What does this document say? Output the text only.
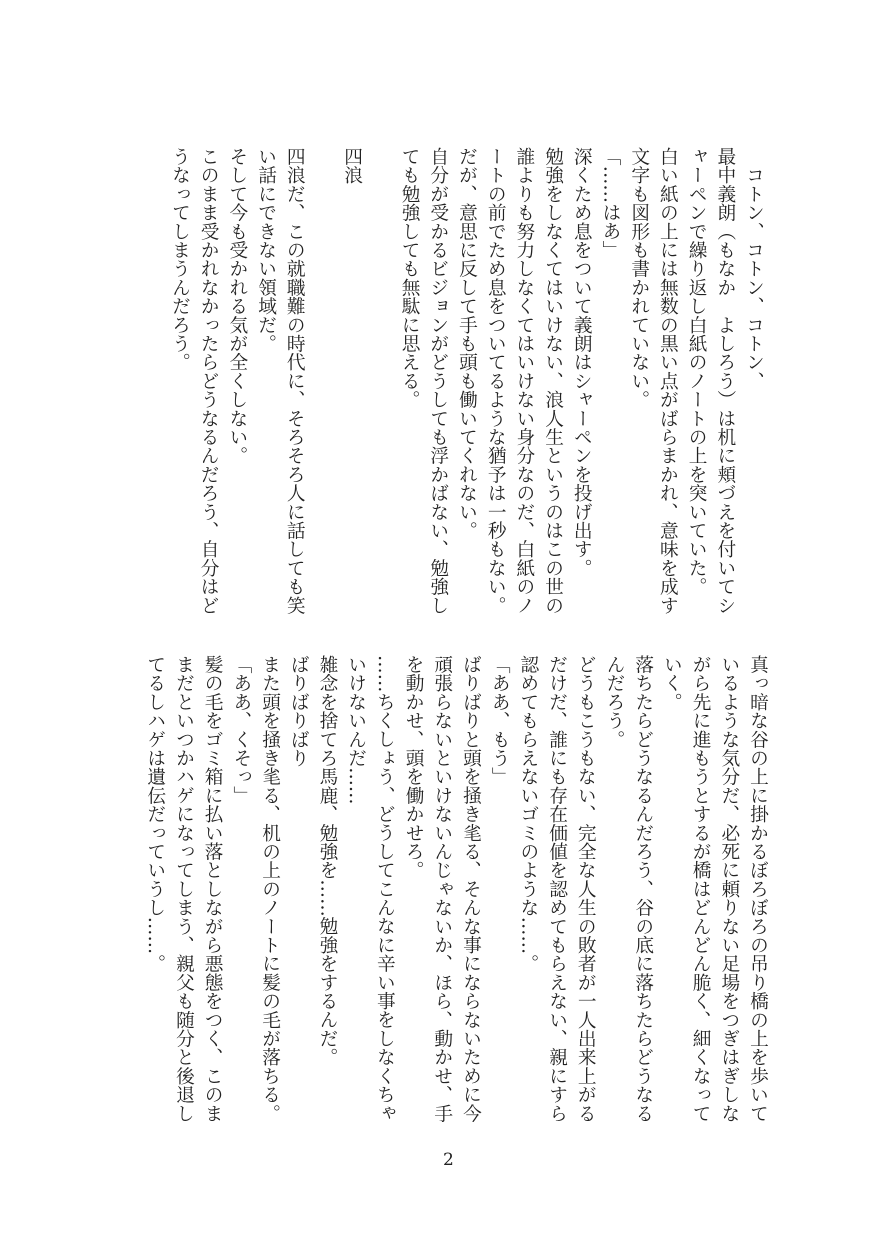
　コトン、コトン、コトン、
最中義朗（もなか　よしろう）は机に頬づえを付いてシ
ャーペンで繰り返し白紙のノートの上を突いていた。
白い紙の上には無数の黒い点がばらまかれ、意味を成す
文字も図形も書かれていない。
「……はあ」
深くため息をついて義朗はシャーペンを投げ出す。
勉強をしなくてはいけない、浪人生というのはこの世の
誰よりも努力しなくてはいけない身分なのだ、白紙のノ
ートの前でため息をついてるような猶予は一秒もない。
だが、意思に反して手も頭も働いてくれない。
自分が受かるビジョンがどうしても浮かばない、勉強し
ても勉強しても無駄に思える。

四浪

四浪だ、この就職難の時代に、そろそろ人に話しても笑
い話にできない領域だ。
そして今も受かれる気が全くしない。
このまま受かれなかったらどうなるんだろう、自分はど
うなってしまうんだろう。
真っ暗な谷の上に掛かるぼろぼろの吊り橋の上を歩いて
いるような気分だ、必死に頼りない足場をつぎはぎしな
がら先に進もうとするが橋はどんどん脆く、細くなって
いく。
落ちたらどうなるんだろう、谷の底に落ちたらどうなる
んだろう。
どうもこうもない、完全な人生の敗者が一人出来上がる
だけだ、誰にも存在価値を認めてもらえない、親にすら
認めてもらえないゴミのような……。
「ああ、もう」
ばりばりと頭を掻き毟る、そんな事にならないために今
頑張らないといけないんじゃないか、ほら、動かせ、手
を動かせ、頭を働かせろ。
……ちくしょう、どうしてこんなに辛い事をしなくちゃ
いけないんだ……
雑念を捨てろ馬鹿、勉強を……勉強をするんだ。
ばりばりばり
また頭を掻き毟る、机の上のノートに髪の毛が落ちる。
「ああ、くそっ」
髪の毛をゴミ箱に払い落としながら悪態をつく、このま
まだといつかハゲになってしまう、親父も随分と後退し
てるしハゲは遺伝だっていうし……。
2
